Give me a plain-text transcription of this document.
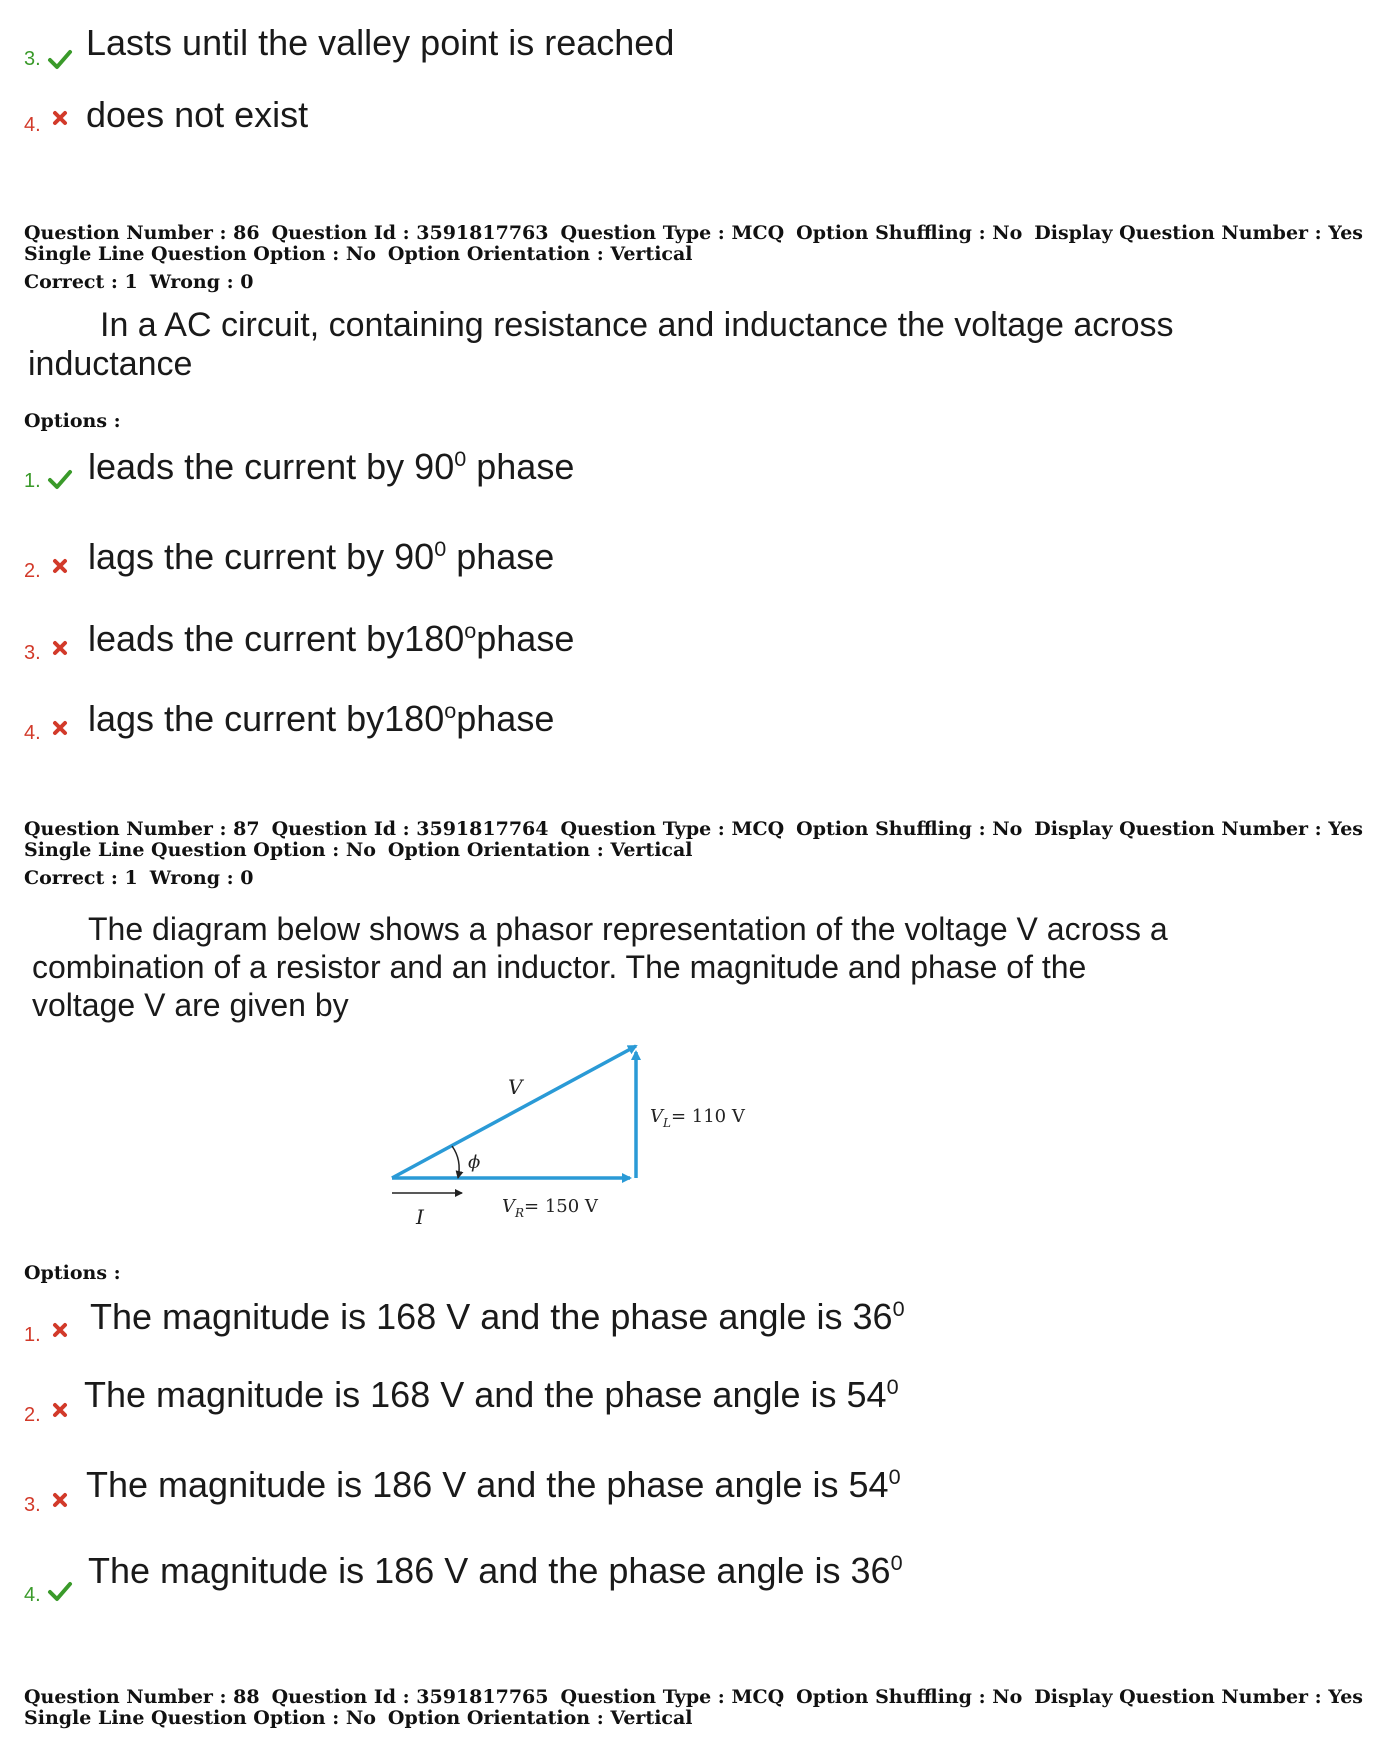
3. Lasts until the valley point is reached
4. does not exist
Question Number : 86 Question Id : 3591817763 Question Type : MCQ Option Shuffling : No Display Question Number : Yes
Single Line Question Option : No Option Orientation : Vertical
Correct : 1 Wrong : 0
In a AC circuit, containing resistance and inductance the voltage across
inductance
Options :
1. leads the current by $90^0$ phase
2. lags the current by $90^0$ phase
3. leads the current by180$^o$phase
4. lags the current by180$^o$phase
Question Number : 87 Question Id : 3591817764 Question Type : MCQ Option Shuffling : No Display Question Number : Yes
Single Line Question Option : No Option Orientation : Vertical
Correct : 1 Wrong : 0
The diagram below shows a phasor representation of the voltage V across a
combination of a resistor and an inductor. The magnitude and phase of the
voltage V are given by
V
$V_L= 110$ V
$V_R= 150$ V
ϕ
I
Options :
1. The magnitude is 168 V and the phase angle is $36^0$
2. The magnitude is 168 V and the phase angle is $54^0$
3. The magnitude is 186 V and the phase angle is $54^0$
4.
The magnitude is 186 V and the phase angle is $36^0$
Question Number : 88 Question Id : 3591817765 Question Type : MCQ Option Shuffling : No Display Question Number : Yes
Single Line Question Option : No Option Orientation : Vertical
